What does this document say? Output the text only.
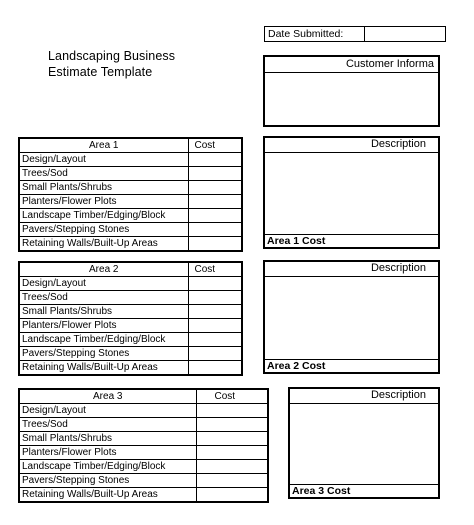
Date Submitted:
Landscaping Business
Estimate Template
Customer Informa
Area 1	Cost
Design/Layout	
Trees/Sod	
Small Plants/Shrubs	
Planters/Flower Plots	
Landscape Timber/Edging/Block	
Pavers/Stepping Stones	
Retaining Walls/Built-Up Areas	
Description
Area 1 Cost
Area 2	Cost
Design/Layout	
Trees/Sod	
Small Plants/Shrubs	
Planters/Flower Plots	
Landscape Timber/Edging/Block	
Pavers/Stepping Stones	
Retaining Walls/Built-Up Areas	
Description
Area 2 Cost
Area 3	Cost
Design/Layout	
Trees/Sod	
Small Plants/Shrubs	
Planters/Flower Plots	
Landscape Timber/Edging/Block	
Pavers/Stepping Stones	
Retaining Walls/Built-Up Areas	
Description
Area 3 Cost
